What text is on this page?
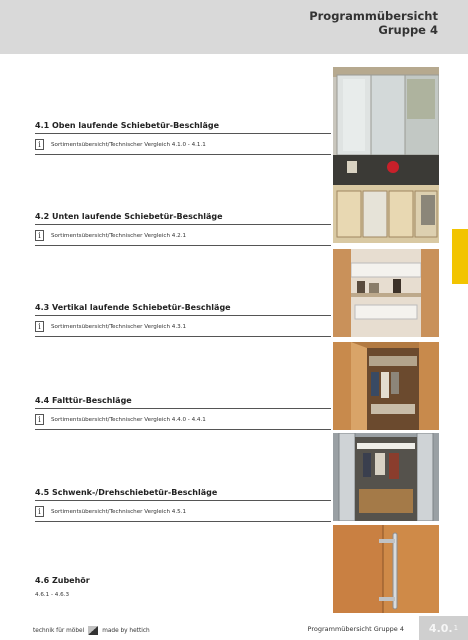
Programmübersicht
Gruppe 4
4.1 Oben laufende Schiebetür-Beschläge
i	Sortimentsübersicht/Technischer Vergleich 4.1.0 - 4.1.1
4.2 Unten laufende Schiebetür-Beschläge
i	Sortimentsübersicht/Technischer Vergleich 4.2.1
4.3 Vertikal laufende Schiebetür-Beschläge
i	Sortimentsübersicht/Technischer Vergleich 4.3.1
4.4 Falttür-Beschläge
i	Sortimentsübersicht/Technischer Vergleich 4.4.0 - 4.4.1
4.5 Schwenk-/Drehschiebetür-Beschläge
i	Sortimentsübersicht/Technischer Vergleich 4.5.1
4.6 Zubehör
4.6.1 - 4.6.3
technik für möbel	made by hettich	Programmübersicht Gruppe 4 4.0. 1
